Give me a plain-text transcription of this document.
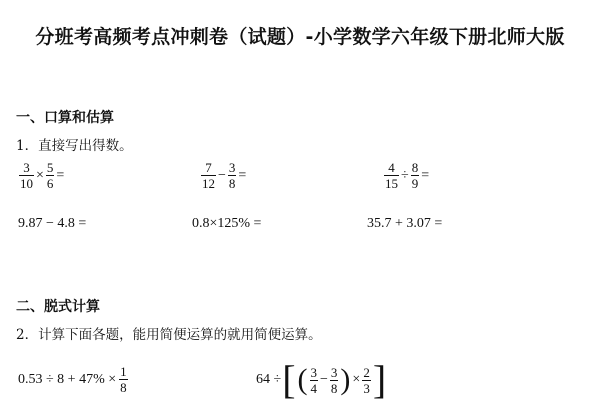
分班考高频考点冲刺卷（试题）-小学数学六年级下册北师大版
一、口算和估算
1．直接写出得数。
$\frac{3}{10} \times \frac{5}{6}$ =	$\frac{7}{12} - \frac{3}{8}$ =	$\frac{4}{15} \div \frac{8}{9}$ =
9.87 − 4.8 =	0.8×125% =	35.7 + 3.07 =
二、脱式计算
2．计算下面各题，能用简便运算的就用简便运算。
$0.53 \div 8 + 47\% \times \frac{1}{8}$	64 ÷ [ ( $\frac{3}{4} - \frac{3}{8}$ ) × $\frac{2}{3}$ ]
